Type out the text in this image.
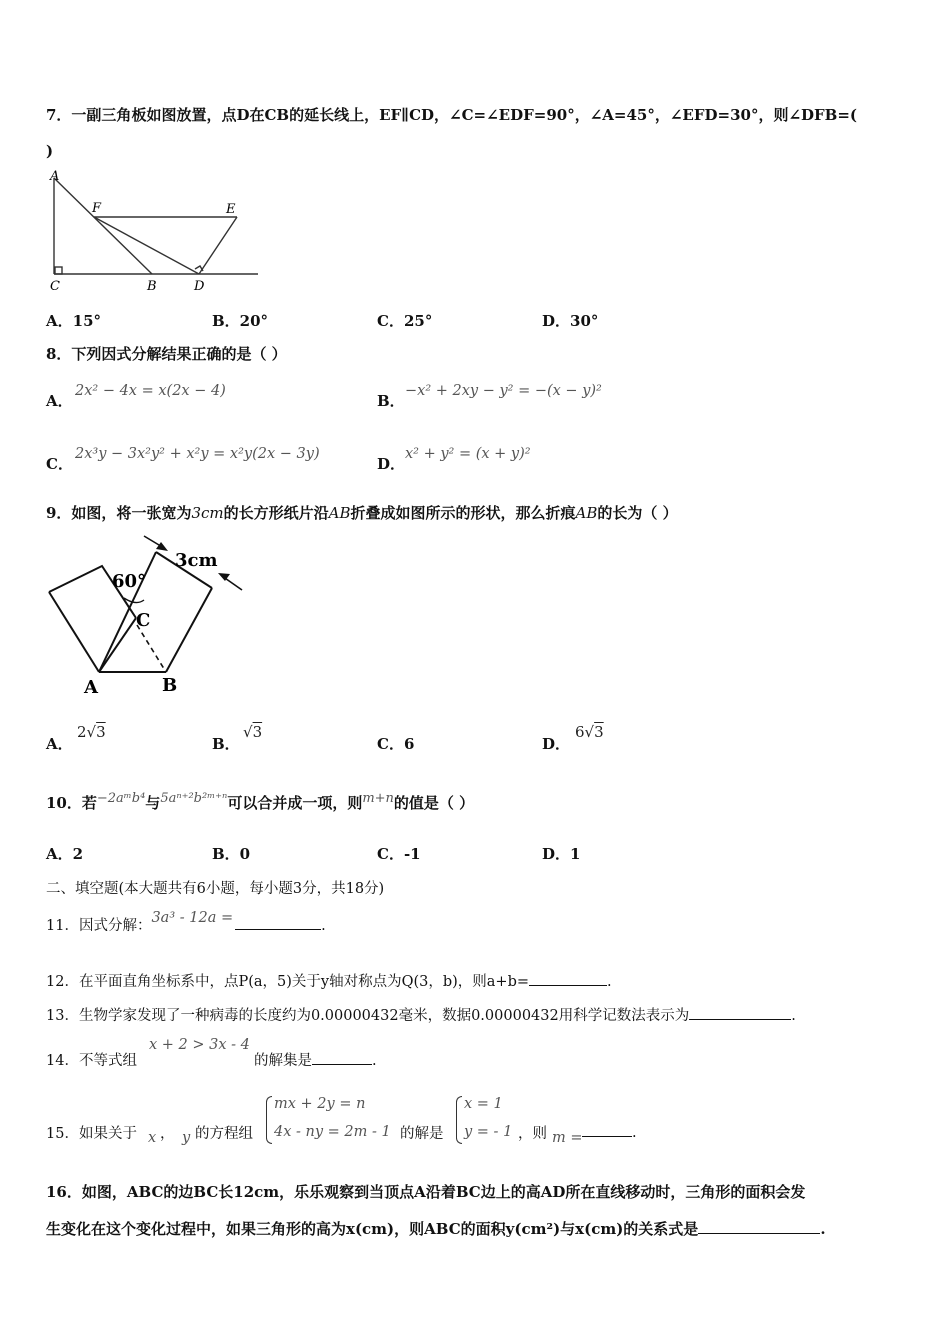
7．一副三角板如图放置，点D在CB的延长线上，EF∥CD，∠C=∠EDF=90°，∠A=45°，∠EFD=30°，则∠DFB=(
)
A
F	E
C	B	D
A．15°	B．20°	C．25°	D．30°
8．下列因式分解结果正确的是（ ）
A．
2x² − 4x = x(2x − 4)
B．
−x² + 2xy − y² = −(x − y)²
C．
2x³y − 3x²y² + x²y = x²y(2x − 3y)
D．
x² + y² = (x + y)²
9．如图，将一张宽为3cm的长方形纸片沿AB折叠成如图所示的形状，那么折痕AB的长为（ ）
3cm
60°
C
A	B
A．
2√3
B．
√3
C．6	D．
6√3
10．若−2aᵐb⁴与5aⁿ⁺²b²ᵐ⁺ⁿ可以合并成一项，则m+n的值是（ ）
A．2	B．0	C．-1	D．1
二、填空题(本大题共有6小题，每小题3分，共18分)
11．因式分解：3a³ - 12a =	.
12．在平面直角坐标系中，点P(a，5)关于y轴对称点为Q(3，b)，则a+b=	.
13．生物学家发现了一种病毒的长度约为0.00000432毫米，数据0.00000432用科学记数法表示为	.
14．不等式组
x + 2 > 3x - 4
的解集是	.
15．如果关于 x ， y 的方程组
mx + 2y = n
4x - ny = 2m - 1 的解是
x = 1
y = - 1 ，则 m =	.
16．如图，ABC的边BC长12cm，乐乐观察到当顶点A沿着BC边上的高AD所在直线移动时，三角形的面积会发
生变化在这个变化过程中，如果三角形的高为x(cm)，则ABC的面积y(cm²)与x(cm)的关系式是	.
